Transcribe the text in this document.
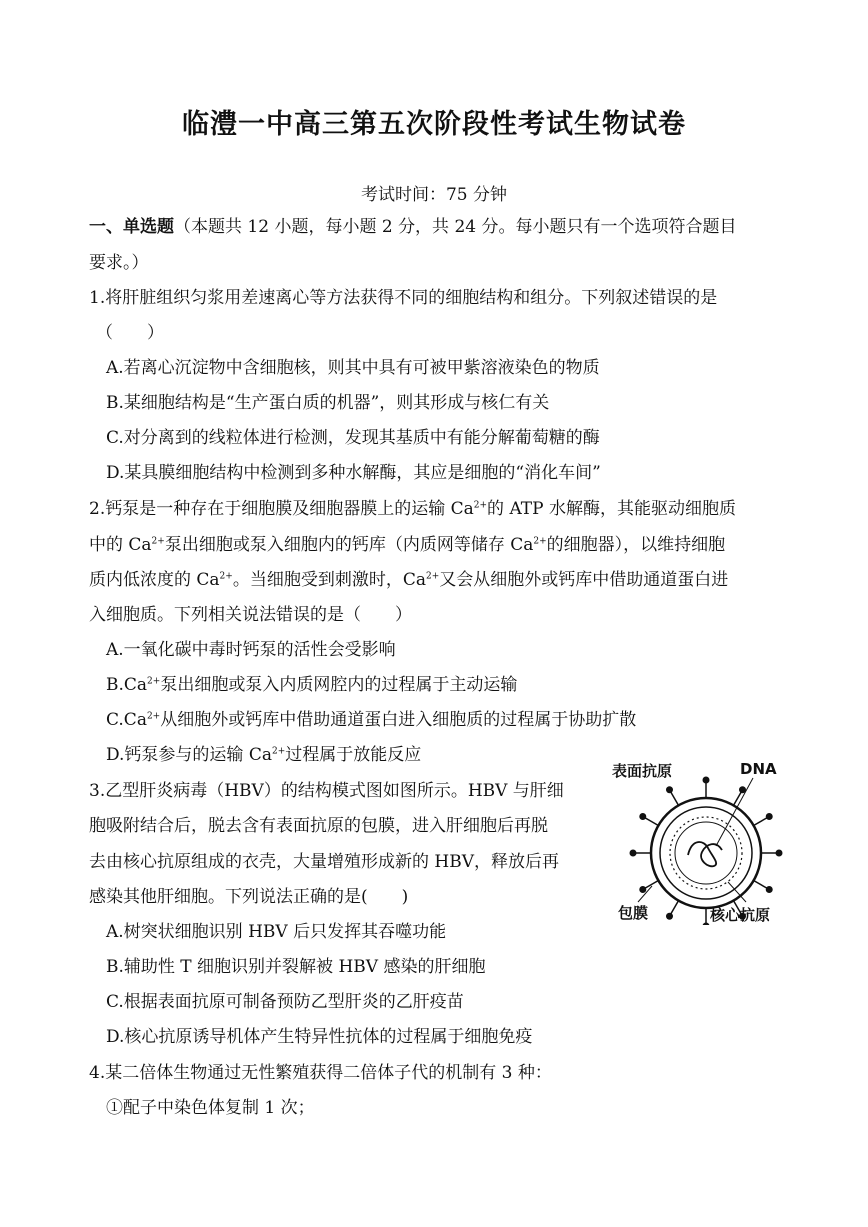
临澧一中高三第五次阶段性考试生物试卷
考试时间：75 分钟
一、单选题（本题共 12 小题，每小题 2 分，共 24 分。每小题只有一个选项符合题目
要求。）
1.将肝脏组织匀浆用差速离心等方法获得不同的细胞结构和组分。下列叙述错误的是
（　　）
A.若离心沉淀物中含细胞核，则其中具有可被甲紫溶液染色的物质
B.某细胞结构是“生产蛋白质的机器”，则其形成与核仁有关
C.对分离到的线粒体进行检测，发现其基质中有能分解葡萄糖的酶
D.某具膜细胞结构中检测到多种水解酶，其应是细胞的“消化车间”
2.钙泵是一种存在于细胞膜及细胞器膜上的运输 $Ca^{2+}$的 ATP 水解酶，其能驱动细胞质
中的 $Ca^{2+}$泵出细胞或泵入细胞内的钙库（内质网等储存 $Ca^{2+}$的细胞器），以维持细胞
质内低浓度的 $Ca^{2+}$。当细胞受到刺激时，$Ca^{2+}$又会从细胞外或钙库中借助通道蛋白进
入细胞质。下列相关说法错误的是（　　）
A.一氧化碳中毒时钙泵的活性会受影响
$B.Ca^{2+}$泵出细胞或泵入内质网腔内的过程属于主动运输
$C.Ca^{2+}$从细胞外或钙库中借助通道蛋白进入细胞质的过程属于协助扩散
D.钙泵参与的运输 $Ca^{2+}$过程属于放能反应
3.乙型肝炎病毒（HBV）的结构模式图如图所示。HBV 与肝细
胞吸附结合后，脱去含有表面抗原的包膜，进入肝细胞后再脱
去由核心抗原组成的衣壳，大量增殖形成新的 HBV，释放后再
感染其他肝细胞。下列说法正确的是(　　)
A.树突状细胞识别 HBV 后只发挥其吞噬功能
B.辅助性 T 细胞识别并裂解被 HBV 感染的肝细胞
C.根据表面抗原可制备预防乙型肝炎的乙肝疫苗
D.核心抗原诱导机体产生特异性抗体的过程属于细胞免疫
表面抗原	DNA
包膜	核心抗原
4.某二倍体生物通过无性繁殖获得二倍体子代的机制有 3 种：
①配子中染色体复制 1 次；
